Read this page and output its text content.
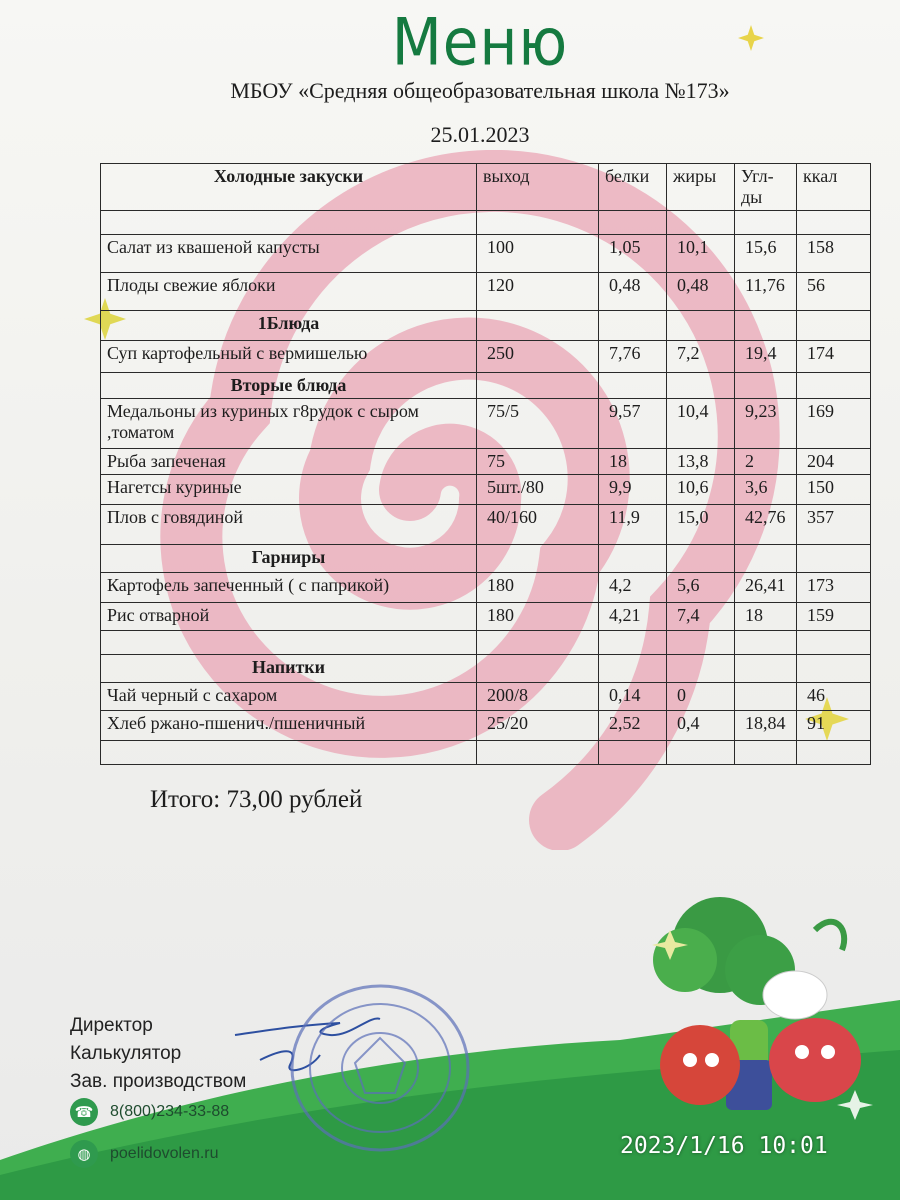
Меню
МБОУ «Средняя общеобразовательная школа №173»
25.01.2023
Холодные закуски	выход	белки	жиры	Угл-ды	ккал

Салат из квашеной капусты	100	1,05	10,1	15,6	158
Плоды свежие яблоки	120	0,48	0,48	11,76	56
1Блюда					
Суп картофельный с вермишелью	250	7,76	7,2	19,4	174
Вторые блюда					
Медальоны из куриных г8рудок с сыром ,томатом	75/5	9,57	10,4	9,23	169
Рыба запеченая	75	18	13,8	2	204
Нагетсы куриные	5шт./80	9,9	10,6	3,6	150
Плов с говядиной	40/160	11,9	15,0	42,76	357
Гарниры					
Картофель запеченный ( с паприкой)	180	4,2	5,6	26,41	173
Рис отварной	180	4,21	7,4	18	159

Напитки					
Чай черный с сахаром	200/8	0,14	0		46
Хлеб ржано-пшенич./пшеничный	25/20	2,52	0,4	18,84	91

Итого: 73,00 рублей
Директор
Калькулятор
Зав. производством
☎ 8(800)234-33-88
◍	poelidovolen.ru	2023/1/16 10:01
